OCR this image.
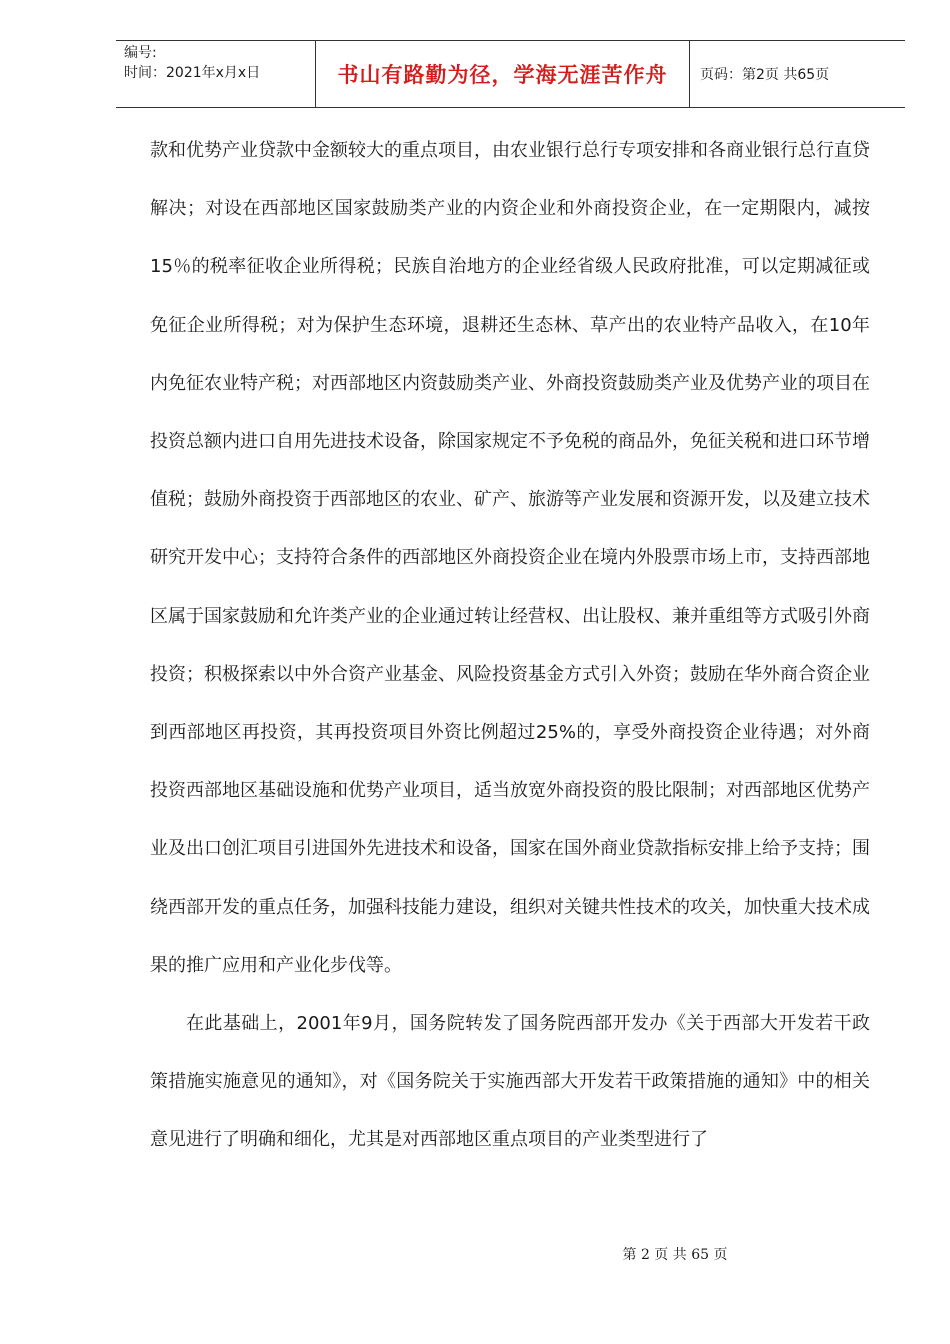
编号:
时间：2021年x月x日	书山有路勤为径，学海无涯苦作舟	页码：第2页 共65页

款和优势产业贷款中金额较大的重点项目，由农业银行总行专项安排和各商业银行总行直贷解决；对设在西部地区国家鼓励类产业的内资企业和外商投资企业，在一定期限内，减按15％的税率征收企业所得税；民族自治地方的企业经省级人民政府批准，可以定期减征或免征企业所得税；对为保护生态环境，退耕还生态林、草产出的农业特产品收入，在10年内免征农业特产税；对西部地区内资鼓励类产业、外商投资鼓励类产业及优势产业的项目在投资总额内进口自用先进技术设备，除国家规定不予免税的商品外，免征关税和进口环节增值税；鼓励外商投资于西部地区的农业、矿产、旅游等产业发展和资源开发，以及建立技术研究开发中心；支持符合条件的西部地区外商投资企业在境内外股票市场上市，支持西部地区属于国家鼓励和允许类产业的企业通过转让经营权、出让股权、兼并重组等方式吸引外商投资；积极探索以中外合资产业基金、风险投资基金方式引入外资；鼓励在华外商合资企业到西部地区再投资，其再投资项目外资比例超过25%的，享受外商投资企业待遇；对外商投资西部地区基础设施和优势产业项目，适当放宽外商投资的股比限制；对西部地区优势产业及出口创汇项目引进国外先进技术和设备，国家在国外商业贷款指标安排上给予支持；围绕西部开发的重点任务，加强科技能力建设，组织对关键共性技术的攻关，加快重大技术成果的推广应用和产业化步伐等。

在此基础上，2001年9月，国务院转发了国务院西部开发办《关于西部大开发若干政策措施实施意见的通知》，对《国务院关于实施西部大开发若干政策措施的通知》中的相关意见进行了明确和细化，尤其是对西部地区重点项目的产业类型进行了

第 2 页 共 65 页
